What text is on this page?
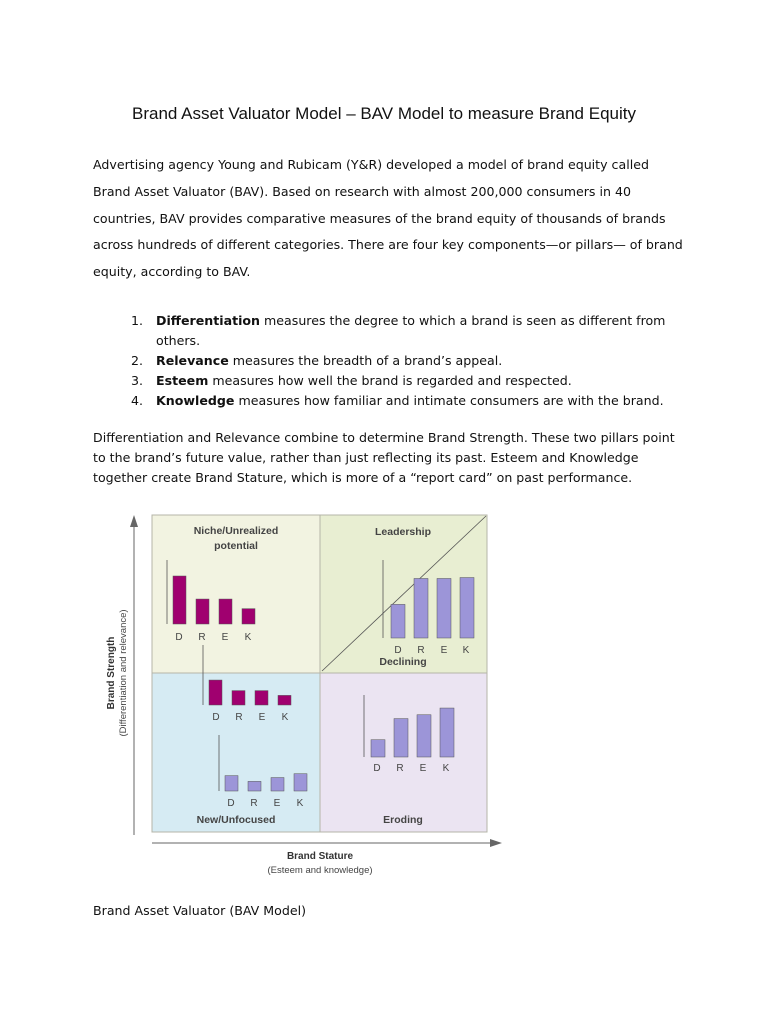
Brand Asset Valuator Model – BAV Model to measure Brand Equity

Advertising agency Young and Rubicam (Y&R) developed a model of brand equity called Brand Asset Valuator (BAV). Based on research with almost 200,000 consumers in 40 countries, BAV provides comparative measures of the brand equity of thousands of brands across hundreds of different categories. There are four key components—or pillars— of brand equity, according to BAV.

1. Differentiation measures the degree to which a brand is seen as different from others.
2. Relevance measures the breadth of a brand’s appeal.
3. Esteem measures how well the brand is regarded and respected.
4. Knowledge measures how familiar and intimate consumers are with the brand.

Differentiation and Relevance combine to determine Brand Strength. These two pillars point to the brand’s future value, rather than just reflecting its past. Esteem and Knowledge together create Brand Stature, which is more of a “report card” on past performance.

Brand Strength (Differentiation and relevance)
Brand Stature
(Esteem and knowledge)
Niche/Unrealized
potential
Leadership
Declining
New/Unfocused	Eroding
D R E K
D R E K
D R E K
D R E K
D R E K

Brand Asset Valuator (BAV Model)
